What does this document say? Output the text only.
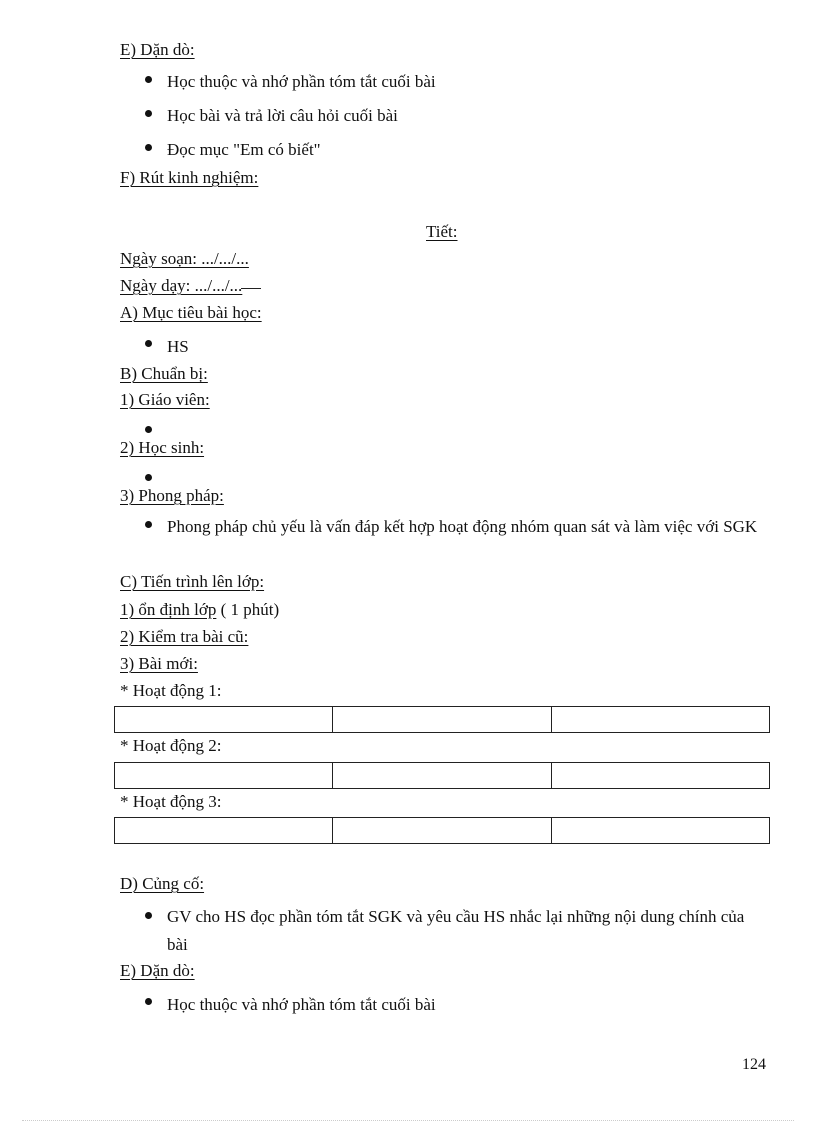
E) Dặn dò:
Học thuộc và nhớ phần tóm tắt cuối bài
Học bài và trả lời câu hỏi cuối bài
Đọc mục "Em có biết"
F) Rút kinh nghiệm:
Tiết:
Ngày soạn: .../.../...
Ngày dạy: .../.../...
A) Mục tiêu bài học:
HS
B) Chuẩn bị:
1) Giáo viên:
2) Học sinh:
3) Phong pháp:
Phong pháp chủ yếu là vấn đáp kết hợp hoạt động nhóm quan sát và làm việc với SGK
C) Tiến trình lên lớp:
1) ổn định lớp ( 1 phút)
2) Kiểm tra bài cũ:
3) Bài mới:
* Hoạt động 1:

* Hoạt động 2:

* Hoạt động 3:

D) Củng cố:
GV cho HS đọc phần tóm tắt SGK và yêu cầu HS nhắc lại những nội dung chính của bài
E) Dặn dò:
Học thuộc và nhớ phần tóm tắt cuối bài
124
